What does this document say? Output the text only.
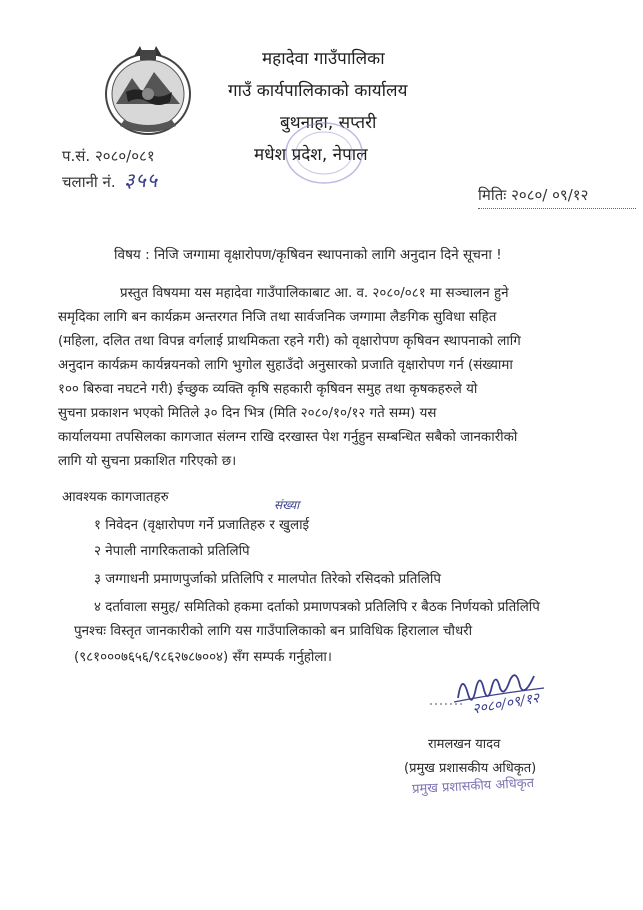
महादेवा गाउँपालिका
गाउँ कार्यपालिकाको कार्यालय
बुथनाहा, सप्तरी
मधेश प्रदेश, नेपाल
प.सं. २०८०/०८१
चलानी नं. ३५५
मितिः २०८०/ ०९/१२
विषय : निजि जग्गामा वृक्षारोपण/कृषिवन स्थापनाको लागि अनुदान दिने सूचना !
प्रस्तुत विषयमा यस महादेवा गाउँपालिकाबाट आ. व. २०८०/०८१ मा सञ्चालन हुने
समृदिका लागि बन कार्यक्रम अन्तरगत निजि तथा सार्वजनिक जग्गामा लैङगिक सुविधा सहित
(महिला, दलित तथा विपन्न वर्गलाई प्राथमिकता रहने गरी) को वृक्षारोपण कृषिवन स्थापनाको लागि
अनुदान कार्यक्रम कार्यन्नयनको लागि भुगोल सुहाउँदो अनुसारको प्रजाति वृक्षारोपण गर्न (संख्यामा
१०० बिरुवा नघटने गरी) ईच्छुक व्यक्ति कृषि सहकारी कृषिवन समुह तथा कृषकहरुले यो
सुचना प्रकाशन भएको मितिले ३० दिन भित्र (मिति २०८०/१०/१२ गते सम्म) यस
कार्यालयमा तपसिलका कागजात संलग्न राखि दरखास्त पेश गर्नुहुन सम्बन्धित सबैको जानकारीको
लागि यो सुचना प्रकाशित गरिएको छ।
आवश्यक कागजातहरु	संख्या
१ निवेदन (वृक्षारोपण गर्ने प्रजातिहरु र खुलाई
२ नेपाली नागरिकताको प्रतिलिपि
३ जग्गाधनी प्रमाणपुर्जाको प्रतिलिपि र मालपोत तिरेको रसिदको प्रतिलिपि
४ दर्तावाला समुह/ समितिको हकमा दर्ताको प्रमाणपत्रको प्रतिलिपि र बैठक निर्णयको प्रतिलिपि
पुनश्चः विस्तृत जानकारीको लागि यस गाउँपालिकाको बन प्राविधिक हिरालाल चौधरी
(९८१०००७६५६/९८६२७८७००४) सँग सम्पर्क गर्नुहोला।
२०८०/०९/१२
रामलखन यादव
(प्रमुख प्रशासकीय अधिकृत)
प्रमुख प्रशासकीय अधिकृत
